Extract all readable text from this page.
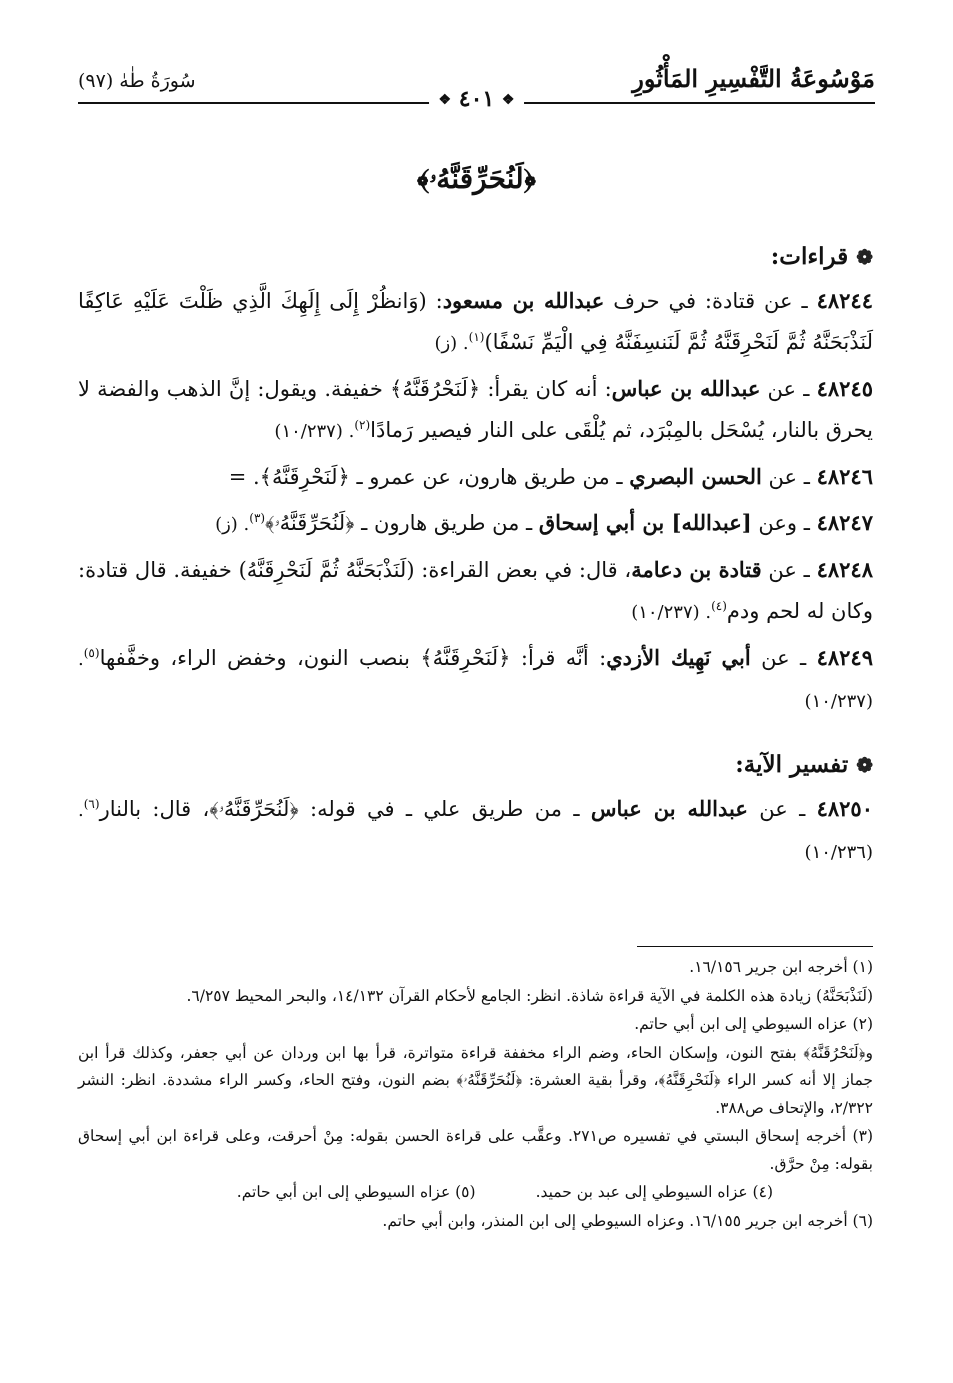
مَوْسُوعَةُ التَّفْسِيرِ المَأْثُورِ
❖ ٤٠١ ❖
سُورَةُ طٰهٰ (٩٧)
﴿لَنُحَرِّقَنَّهُۥ﴾
❁قراءات:
٤٨٢٤٤ ـ عن قتادة: في حرف عبدالله بن مسعود: (وَانظُرْ إِلَى إِلَهِكَ الَّذِي ظَلْتَ عَلَيْهِ عَاكِفًا لَنَذْبَحَنَّهُ ثُمَّ لَنَحْرِقَنَّهُ ثُمَّ لَنَنسِفَنَّهُ فِي الْيَمِّ نَسْفًا)$^{(١)}$. (ز)
٤٨٢٤٥ ـ عن عبدالله بن عباس: أنه كان يقرأ: ﴿لَنَحْرُقَنَّهُ﴾ خفيفة. ويقول: إنَّ الذهب والفضة لا يحرق بالنار، يُسْحَل بالمِبْرَد، ثم يُلْقَى على النار فيصير رَمادًا$^{(٢)}$. (١٠/٢٣٧)
٤٨٢٤٦ ـ عن الحسن البصري ـ من طريق هارون، عن عمرو ـ ﴿لَنَحْرِقَنَّهُ﴾. =
٤٨٢٤٧ ـ وعن [عبدالله] بن أبي إسحاق ـ من طريق هارون ـ ﴿لَنُحَرِّقَنَّهُۥ﴾$^{(٣)}$. (ز)
٤٨٢٤٨ ـ عن قتادة بن دعامة، قال: في بعض القراءة: (لَنَذْبَحَنَّهُ ثُمَّ لَنَحْرِقَنَّهُ) خفيفة. قال قتادة: وكان له لحم ودم$^{(٤)}$. (١٠/٢٣٧)
٤٨٢٤٩ ـ عن أبي نَهِيك الأزدي: أنَّه قرأ: ﴿لَنَحْرِقَنَّهُ﴾ بنصب النون، وخفض الراء، وخفَّفها$^{(٥)}$. (١٠/٢٣٧)
❁تفسير الآية:
٤٨٢٥٠ ـ عن عبدالله بن عباس ـ من طريق علي ـ في قوله: ﴿لَنُحَرِّقَنَّهُۥ﴾، قال: بالنار$^{(٦)}$. (١٠/٢٣٦)
(١) أخرجه ابن جرير ١٦/١٥٦.
(لَنَذْبَحَنَّهُ) زيادة هذه الكلمة في الآية قراءة شاذة. انظر: الجامع لأحكام القرآن ١٤/١٣٢، والبحر المحيط ٦/٢٥٧.
(٢) عزاه السيوطي إلى ابن أبي حاتم.
و﴿لَنَحْرُقَنَّهُ﴾ بفتح النون، وإسكان الحاء، وضم الراء مخففة قراءة متواترة، قرأ بها ابن وردان عن أبي جعفر، وكذلك قرأ ابن جماز إلا أنه كسر الراء ﴿لَنَحْرِقَنَّهُ﴾، وقرأ بقية العشرة: ﴿لَنُحَرِّقَنَّهُۥ﴾ بضم النون، وفتح الحاء، وكسر الراء مشددة. انظر: النشر ٢/٣٢٢، والإتحاف ص٣٨٨.
(٣) أخرجه إسحاق البستي في تفسيره ص٢٧١. وعقَّب على قراءة الحسن بقوله: مِنْ أحرقت، وعلى قراءة ابن أبي إسحاق بقوله: مِنْ حرَّق.
(٤) عزاه السيوطي إلى عبد بن حميد.
(٥) عزاه السيوطي إلى ابن أبي حاتم.
(٦) أخرجه ابن جرير ١٦/١٥٥. وعزاه السيوطي إلى ابن المنذر، وابن أبي حاتم.
